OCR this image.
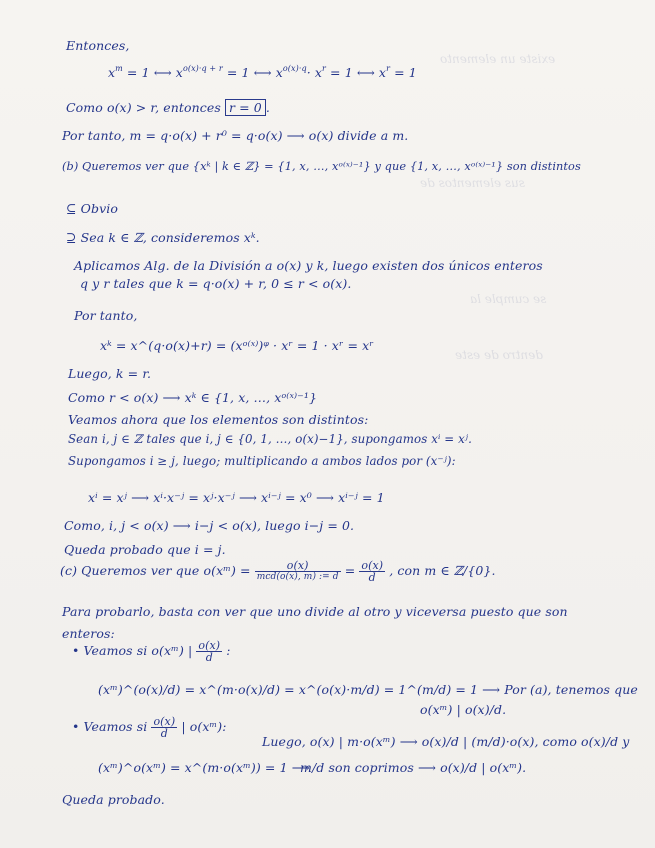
existe un elemento
sus elementos de
se cumple la
dentro de este
Entonces,
$x^m = 1$ ⟷ $x^{o(x)\cdot q + r} = 1$ ⟷ $x^{o(x)\cdot q}\cdot x^r = 1$ ⟷ $x^r = 1$
Como o(x) > r, entonces r = 0 .
Por tanto, m = q·o(x) + r⁰ = q·o(x) ⟶ o(x) divide a m.
(b) Queremos ver que {xᵏ | k ∈ ℤ} = {1, x, …, xᵒ⁽ˣ⁾⁻¹} y que {1, x, …, xᵒ⁽ˣ⁾⁻¹} son distintos
⊆ Obvio
⊇ Sea k ∈ ℤ, consideremos xᵏ.
Aplicamos Alg. de la División a o(x) y k, luego existen dos únicos enteros
q y r tales que k = q·o(x) + r, 0 ≤ r < o(x).
Por tanto,
xᵏ = x^(q·o(x)+r) = (xᵒ⁽ˣ⁾)ᵠ · xʳ = 1 · xʳ = xʳ
Luego, k = r.
Como r < o(x) ⟶ xᵏ ∈ {1, x, …, xᵒ⁽ˣ⁾⁻¹}
Veamos ahora que los elementos son distintos:
Sean i, j ∈ ℤ tales que i, j ∈ {0, 1, …, o(x)−1}, supongamos xⁱ = xʲ.
Supongamos i ≥ j, luego; multiplicando a ambos lados por (x⁻ʲ):
xⁱ = xʲ ⟶ xⁱ·x⁻ʲ = xʲ·x⁻ʲ ⟶ xⁱ⁻ʲ = x⁰ ⟶ xⁱ⁻ʲ = 1
Como, i, j < o(x) ⟶ i−j < o(x), luego i−j = 0.
Queda probado que i = j.
(c) Queremos ver que o(xᵐ) = $\frac{o(x)}{\text{mcd(o(x), m) := d}} = \frac{o(x)}{d}$ , con m ∈ ℤ/{0}.
Para probarlo, basta con ver que uno divide al otro y viceversa puesto que son
enteros:
• Veamos si o(xᵐ) | $\frac{o(x)}{d}$ :
(xᵐ)^(o(x)/d) = x^(m·o(x)/d) = x^(o(x)·m/d) = 1^(m/d) = 1 ⟶ Por (a), tenemos que
o(xᵐ) | o(x)/d.
• Veamos si $\frac{o(x)}{d}$ | o(xᵐ):
Luego, o(x) | m·o(xᵐ) ⟶ o(x)/d | (m/d)·o(x), como o(x)/d y
(xᵐ)^o(xᵐ) = x^(m·o(xᵐ)) = 1 ⟶
m/d son coprimos ⟶ o(x)/d | o(xᵐ).
Queda probado.
